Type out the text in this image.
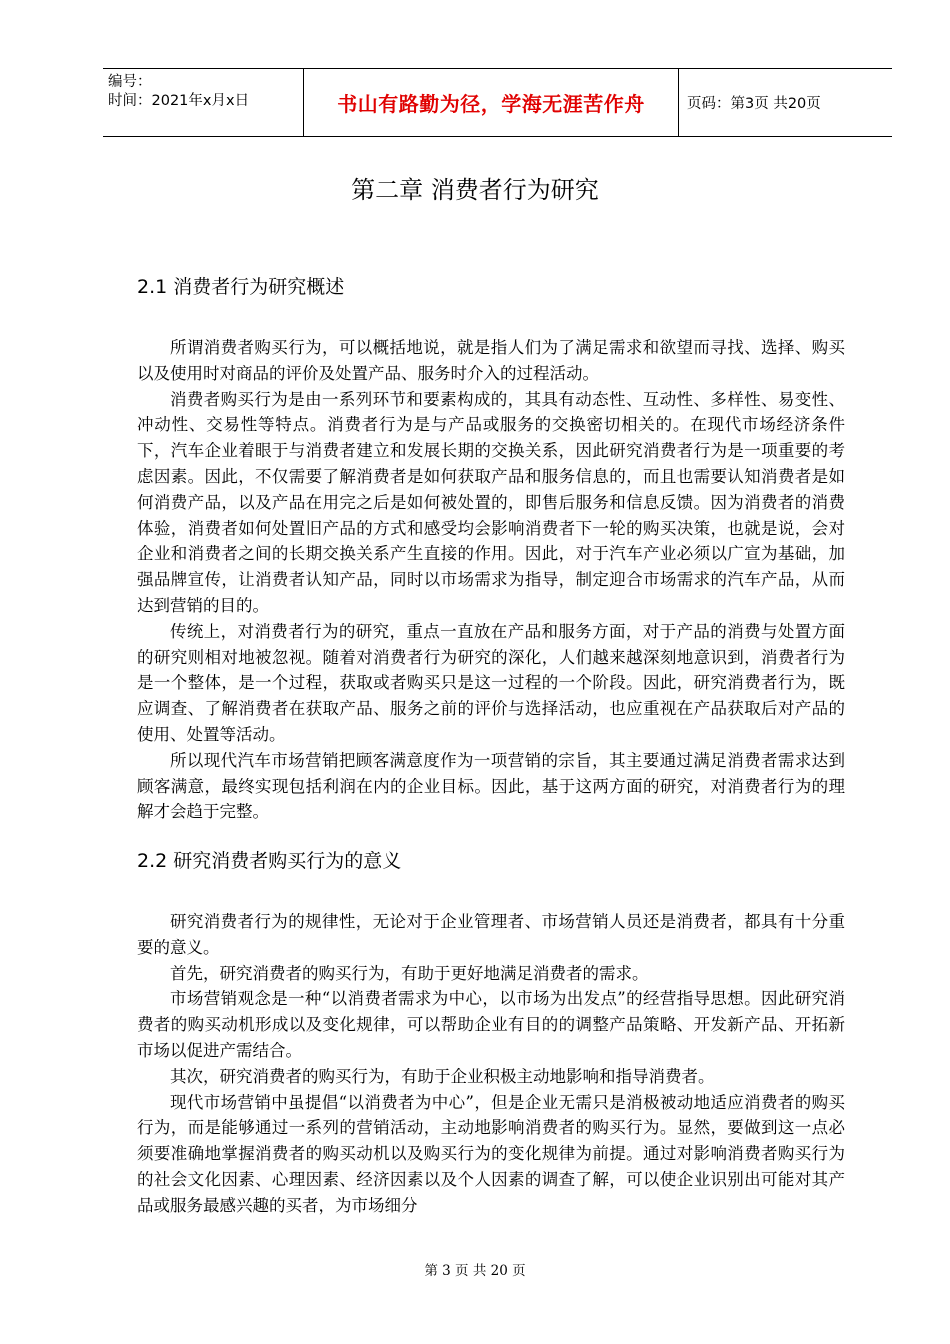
编号：
时间：2021年x月x日	书山有路勤为径，学海无涯苦作舟	页码：第3页 共20页
第二章 消费者行为研究
2.1 消费者行为研究概述

所谓消费者购买行为，可以概括地说，就是指人们为了满足需求和欲望而寻找、选择、购买以及使用时对商品的评价及处置产品、服务时介入的过程活动。

消费者购买行为是由一系列环节和要素构成的，其具有动态性、互动性、多样性、易变性、冲动性、交易性等特点。消费者行为是与产品或服务的交换密切相关的。在现代市场经济条件下，汽车企业着眼于与消费者建立和发展长期的交换关系，因此研究消费者行为是一项重要的考虑因素。因此，不仅需要了解消费者是如何获取产品和服务信息的，而且也需要认知消费者是如何消费产品，以及产品在用完之后是如何被处置的，即售后服务和信息反馈。因为消费者的消费体验，消费者如何处置旧产品的方式和感受均会影响消费者下一轮的购买决策，也就是说，会对企业和消费者之间的长期交换关系产生直接的作用。因此，对于汽车产业必须以广宣为基础，加强品牌宣传，让消费者认知产品，同时以市场需求为指导，制定迎合市场需求的汽车产品，从而达到营销的目的。

传统上，对消费者行为的研究，重点一直放在产品和服务方面，对于产品的消费与处置方面的研究则相对地被忽视。随着对消费者行为研究的深化，人们越来越深刻地意识到，消费者行为是一个整体，是一个过程，获取或者购买只是这一过程的一个阶段。因此，研究消费者行为，既应调查、了解消费者在获取产品、服务之前的评价与选择活动，也应重视在产品获取后对产品的使用、处置等活动。

所以现代汽车市场营销把顾客满意度作为一项营销的宗旨，其主要通过满足消费者需求达到顾客满意，最终实现包括利润在内的企业目标。因此，基于这两方面的研究，对消费者行为的理解才会趋于完整。

2.2 研究消费者购买行为的意义

研究消费者行为的规律性，无论对于企业管理者、市场营销人员还是消费者，都具有十分重要的意义。

首先，研究消费者的购买行为，有助于更好地满足消费者的需求。

市场营销观念是一种“以消费者需求为中心，以市场为出发点”的经营指导思想。因此研究消费者的购买动机形成以及变化规律，可以帮助企业有目的的调整产品策略、开发新产品、开拓新市场以促进产需结合。

其次，研究消费者的购买行为，有助于企业积极主动地影响和指导消费者。

现代市场营销中虽提倡“以消费者为中心”，但是企业无需只是消极被动地适应消费者的购买行为，而是能够通过一系列的营销活动，主动地影响消费者的购买行为。显然，要做到这一点必须要准确地掌握消费者的购买动机以及购买行为的变化规律为前提。通过对影响消费者购买行为的社会文化因素、心理因素、经济因素以及个人因素的调查了解，可以使企业识别出可能对其产品或服务最感兴趣的买者，为市场细分

第 3 页 共 20 页
